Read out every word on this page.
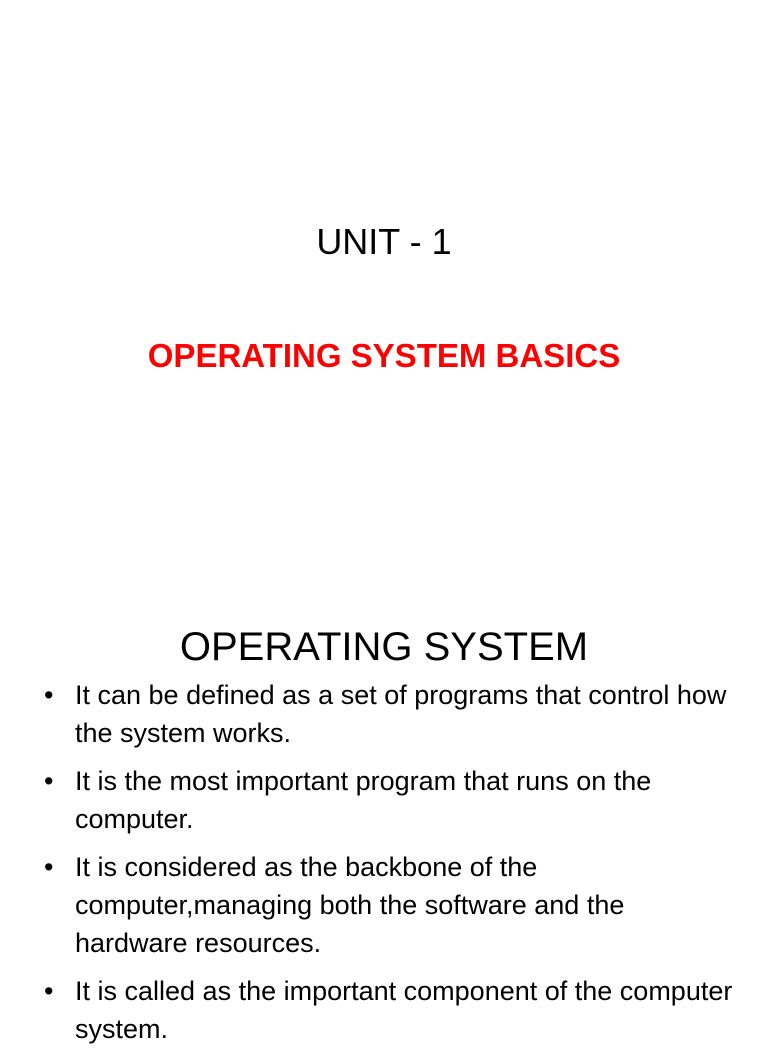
UNIT - 1
OPERATING SYSTEM BASICS
OPERATING SYSTEM
• It can be defined as a set of programs that control how the system works.
• It is the most important program that runs on the computer.
• It is considered as the backbone of the computer,managing both the software and the hardware resources.
• It is called as the important component of the computer system.
